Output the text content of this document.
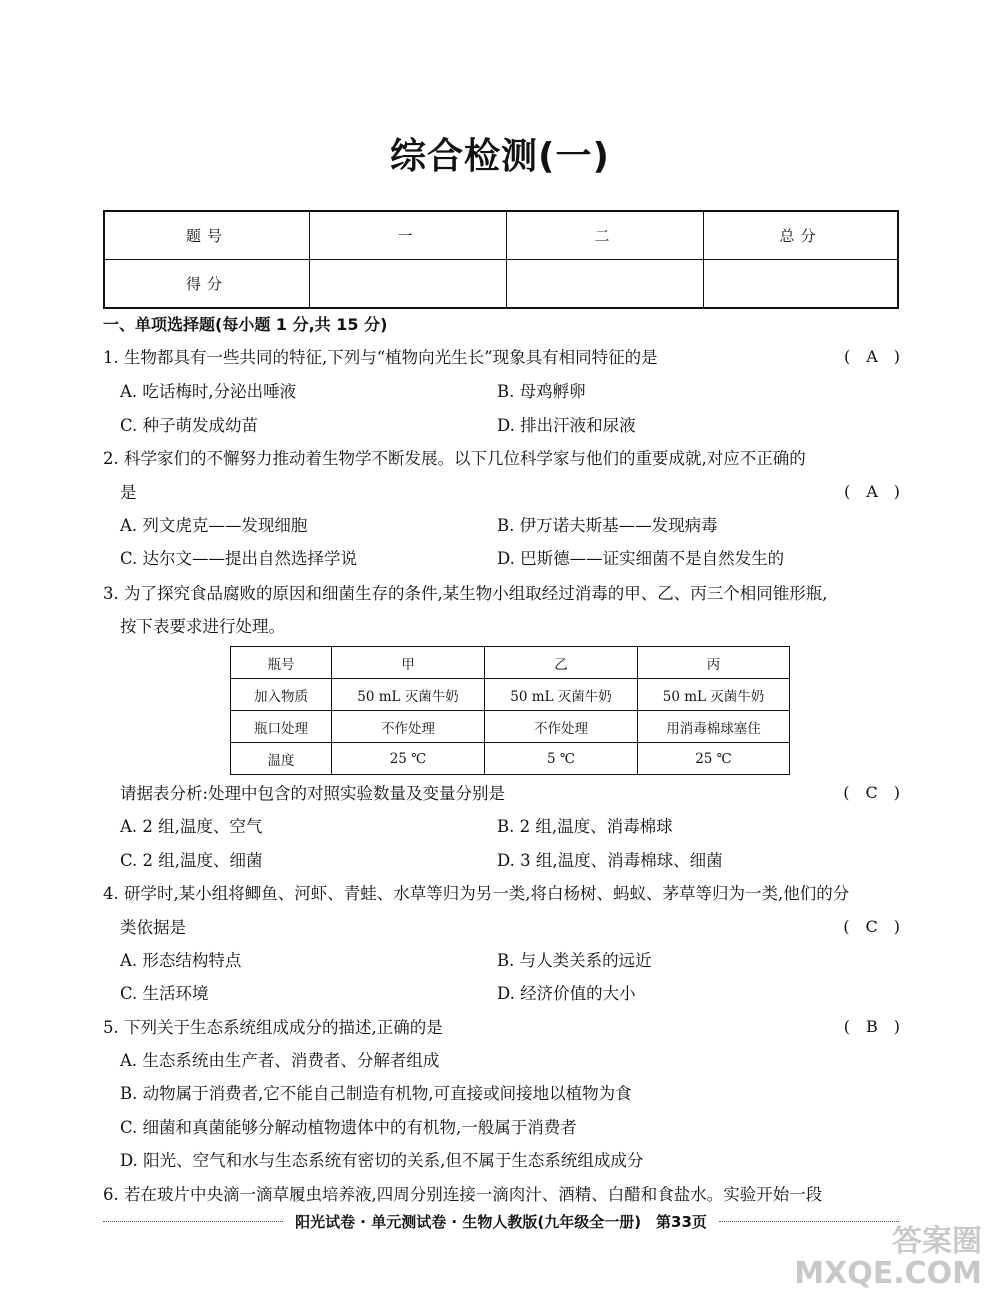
综合检测(一)
题号	一	二	总分
得分			
一、单项选择题(每小题 1 分,共 15 分)
1. 生物都具有一些共同的特征,下列与“植物向光生长”现象具有相同特征的是	(　A　)
A. 吃话梅时,分泌出唾液	B. 母鸡孵卵
C. 种子萌发成幼苗	D. 排出汗液和尿液
2. 科学家们的不懈努力推动着生物学不断发展。以下几位科学家与他们的重要成就,对应不正确的
是	(　A　)
A. 列文虎克——发现细胞	B. 伊万诺夫斯基——发现病毒
C. 达尔文——提出自然选择学说	D. 巴斯德——证实细菌不是自然发生的
3. 为了探究食品腐败的原因和细菌生存的条件,某生物小组取经过消毒的甲、乙、丙三个相同锥形瓶,
按下表要求进行处理。
瓶号	甲	乙	丙
加入物质	50 mL 灭菌牛奶	50 mL 灭菌牛奶	50 mL 灭菌牛奶
瓶口处理	不作处理	不作处理	用消毒棉球塞住
温度	25 ℃	5 ℃	25 ℃
请据表分析:处理中包含的对照实验数量及变量分别是	(　C　)
A. 2 组,温度、空气	B. 2 组,温度、消毒棉球
C. 2 组,温度、细菌	D. 3 组,温度、消毒棉球、细菌
4. 研学时,某小组将鲫鱼、河虾、青蛙、水草等归为另一类,将白杨树、蚂蚁、茅草等归为一类,他们的分
类依据是	(　C　)
A. 形态结构特点	B. 与人类关系的远近
C. 生活环境	D. 经济价值的大小
5. 下列关于生态系统组成成分的描述,正确的是	(　B　)
A. 生态系统由生产者、消费者、分解者组成
B. 动物属于消费者,它不能自己制造有机物,可直接或间接地以植物为食
C. 细菌和真菌能够分解动植物遗体中的有机物,一般属于消费者
D. 阳光、空气和水与生态系统有密切的关系,但不属于生态系统组成成分
6. 若在玻片中央滴一滴草履虫培养液,四周分别连接一滴肉汁、酒精、白醋和食盐水。实验开始一段
阳光试卷 · 单元测试卷 · 生物人教版(九年级全一册)　第33页
答案圈
MXQE.COM
